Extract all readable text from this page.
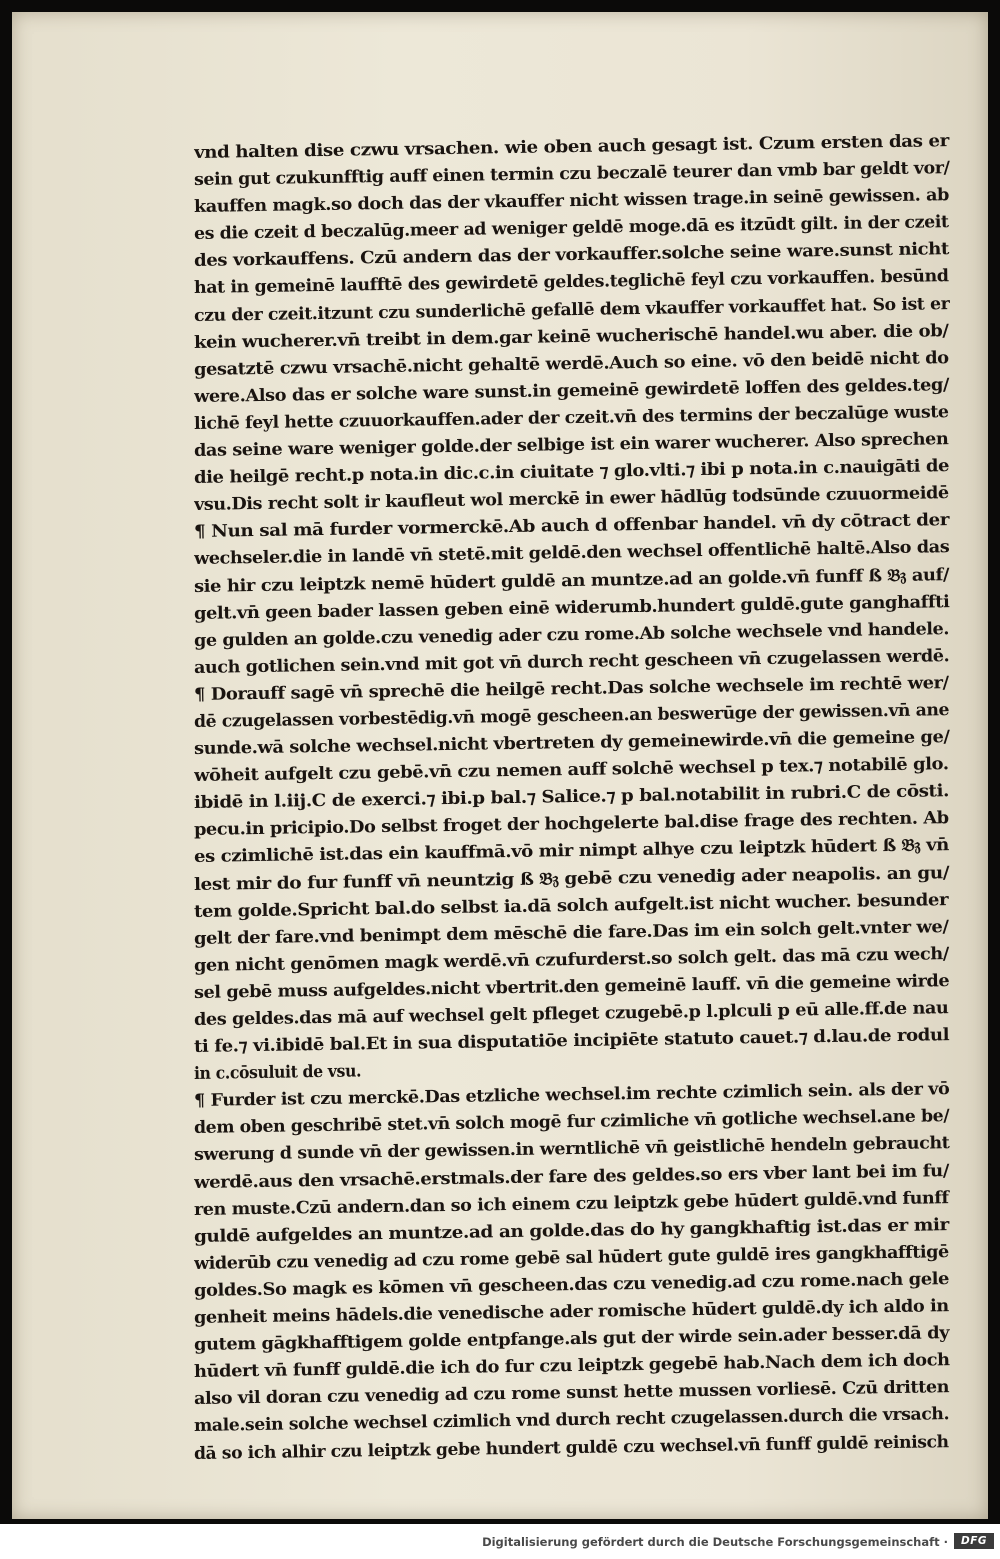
vnd halten dise czwu vrsachen. wie oben auch gesagt ist. Czum ersten das er
sein gut czukunfftig auff einen termin czu beczalē teurer dan vmb bar geldt vor/
kauffen magk.so doch das der vkauffer nicht wissen trage.in seinē gewissen. ab
es die czeit d beczalūg.meer ad weniger geldē moge.dā es itzūdt gilt. in der czeit
des vorkauffens. Czū andern das der vorkauffer.solche seine ware.sunst nicht
hat in gemeinē laufftē des gewirdetē geldes.teglichē feyl czu vorkauffen. besūnd
czu der czeit.itzunt czu sunderlichē gefallē dem vkauffer vorkauffet hat. So ist er
kein wucherer.vn̄ treibt in dem.gar keinē wucherischē handel.wu aber. die ob/
gesatztē czwu vrsachē.nicht gehaltē werdē.Auch so eine. vō den beidē nicht do
were.Also das er solche ware sunst.in gemeinē gewirdetē loffen des geldes.teg/
lichē feyl hette czuuorkauffen.ader der czeit.vn̄ des termins der beczalūge wuste
das seine ware weniger golde.der selbige ist ein warer wucherer. Also sprechen
die heilgē recht.p nota.in dic.c.in ciuitate ⁊ glo.vlti.⁊ ibi p nota.in c.nauigāti de
vsu.Dis recht solt ir kaufleut wol merckē in ewer hādlūg todsūnde czuuormeidē
¶ Nun sal mā furder vormerckē.Ab auch d offenbar handel. vn̄ dy cōtract der
wechseler.die in landē vn̄ stetē.mit geldē.den wechsel offentlichē haltē.Also das
sie hir czu leiptzk nemē hūdert guldē an muntze.ad an golde.vn̄ funff ß 𝔅𝔷 auf/
gelt.vn̄ geen bader lassen geben einē widerumb.hundert guldē.gute ganghaffti
ge gulden an golde.czu venedig ader czu rome.Ab solche wechsele vnd handele.
auch gotlichen sein.vnd mit got vn̄ durch recht gescheen vn̄ czugelassen werdē.
¶ Dorauff sagē vn̄ sprechē die heilgē recht.Das solche wechsele im rechtē wer/
dē czugelassen vorbestēdig.vn̄ mogē gescheen.an beswerūge der gewissen.vn̄ ane
sunde.wā solche wechsel.nicht vbertreten dy gemeinewirde.vn̄ die gemeine ge/
wōheit aufgelt czu gebē.vn̄ czu nemen auff solchē wechsel p tex.⁊ notabilē glo.
ibidē in l.iij.C de exerci.⁊ ibi.p bal.⁊ Salice.⁊ p bal.notabilit in rubri.C de cōsti.
pecu.in pricipio.Do selbst froget der hochgelerte bal.dise frage des rechten. Ab
es czimlichē ist.das ein kauffmā.vō mir nimpt alhye czu leiptzk hūdert ß 𝔅𝔷 vn̄
lest mir do fur funff vn̄ neuntzig ß 𝔅𝔷 gebē czu venedig ader neapolis. an gu/
tem golde.Spricht bal.do selbst ia.dā solch aufgelt.ist nicht wucher. besunder
gelt der fare.vnd benimpt dem mēschē die fare.Das im ein solch gelt.vnter we/
gen nicht genōmen magk werdē.vn̄ czufurderst.so solch gelt. das mā czu wech/
sel gebē muss aufgeldes.nicht vbertrit.den gemeinē lauff. vn̄ die gemeine wirde
des geldes.das mā auf wechsel gelt pfleget czugebē.p l.plculi p eū alle.ff.de nau
ti fe.⁊ vi.ibidē bal.Et in sua disputatiōe incipiēte statuto cauet.⁊ d.lau.de rodul
in c.cōsuluit de vsu.
¶ Furder ist czu merckē.Das etzliche wechsel.im rechte czimlich sein. als der vō
dem oben geschribē stet.vn̄ solch mogē fur czimliche vn̄ gotliche wechsel.ane be/
swerung d sunde vn̄ der gewissen.in werntlichē vn̄ geistlichē hendeln gebraucht
werdē.aus den vrsachē.erstmals.der fare des geldes.so ers vber lant bei im fu/
ren muste.Czū andern.dan so ich einem czu leiptzk gebe hūdert guldē.vnd funff
guldē aufgeldes an muntze.ad an golde.das do hy gangkhaftig ist.das er mir
widerūb czu venedig ad czu rome gebē sal hūdert gute guldē ires gangkhafftigē
goldes.So magk es kōmen vn̄ gescheen.das czu venedig.ad czu rome.nach gele
genheit meins hādels.die venedische ader romische hūdert guldē.dy ich aldo in
gutem gāgkhafftigem golde entpfange.als gut der wirde sein.ader besser.dā dy
hūdert vn̄ funff guldē.die ich do fur czu leiptzk gegebē hab.Nach dem ich doch
also vil doran czu venedig ad czu rome sunst hette mussen vorliesē. Czū dritten
male.sein solche wechsel czimlich vnd durch recht czugelassen.durch die vrsach.
dā so ich alhir czu leiptzk gebe hundert guldē czu wechsel.vn̄ funff guldē reinisch
Digitalisierung gefördert durch die Deutsche Forschungsgemeinschaft ·	DFG
